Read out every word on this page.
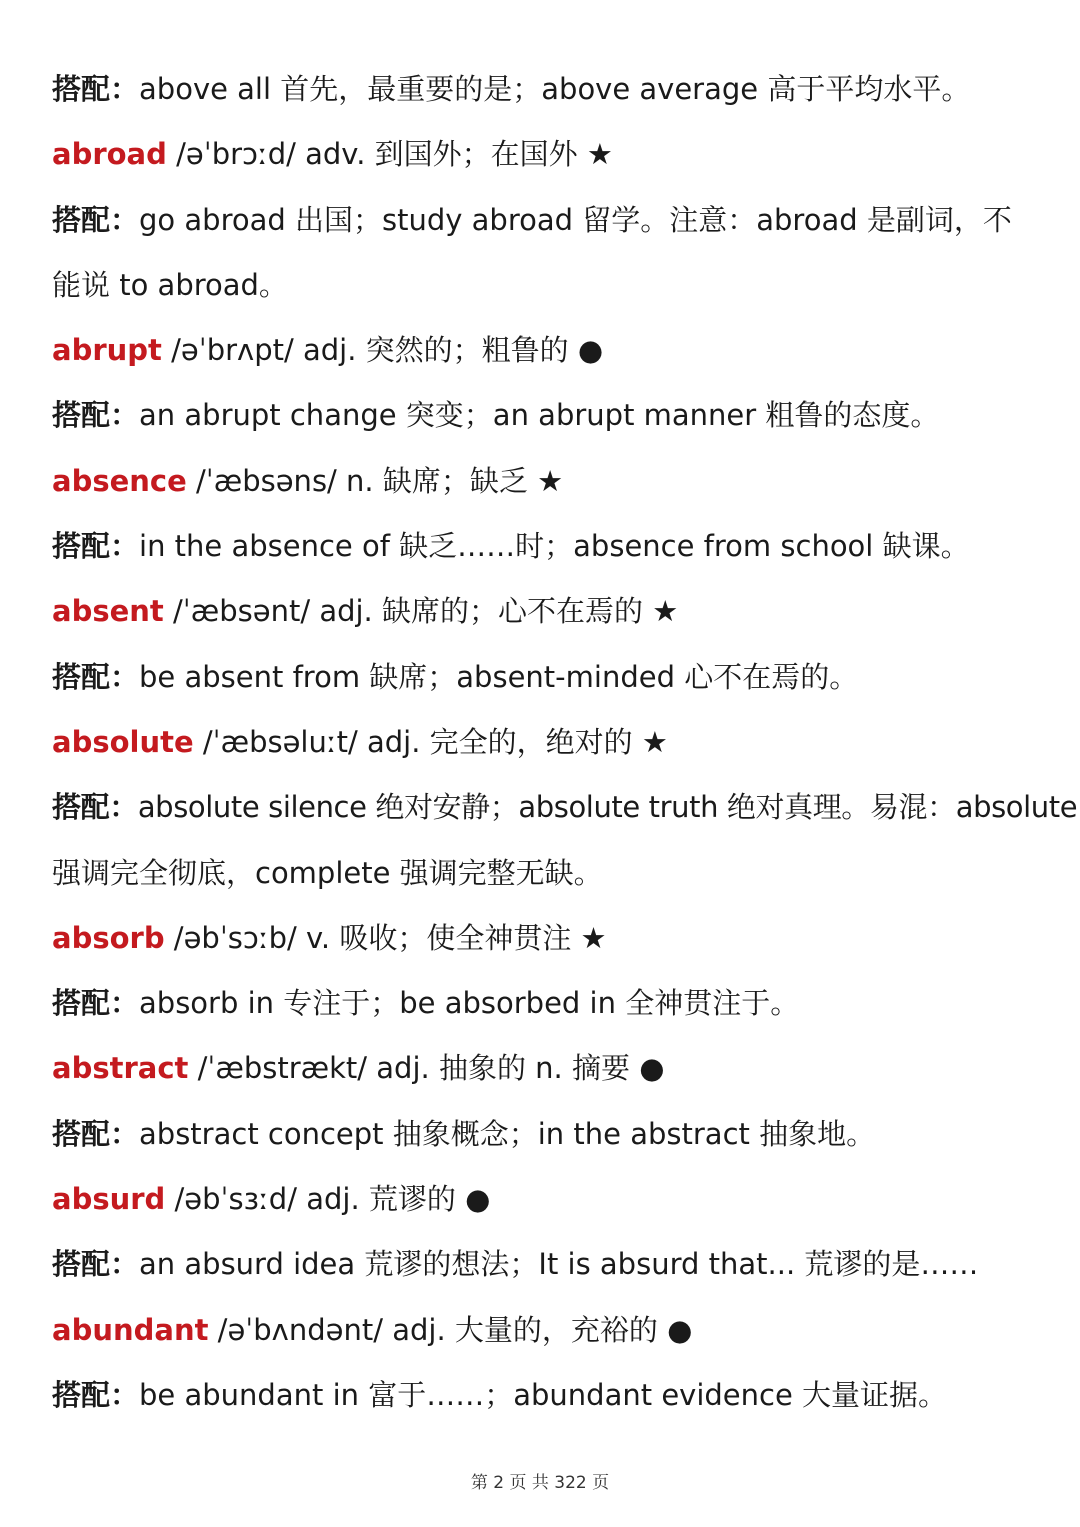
搭配：above all 首先，最重要的是；above average 高于平均水平。
abroad /əˈbrɔːd/ adv. 到国外；在国外 ★
搭配：go abroad 出国；study abroad 留学。注意：abroad 是副词，不
能说 to abroad。
abrupt /əˈbrʌpt/ adj. 突然的；粗鲁的 ●
搭配：an abrupt change 突变；an abrupt manner 粗鲁的态度。
absence /ˈæbsəns/ n. 缺席；缺乏 ★
搭配：in the absence of 缺乏……时；absence from school 缺课。
absent /ˈæbsənt/ adj. 缺席的；心不在焉的 ★
搭配：be absent from 缺席；absent-minded 心不在焉的。
absolute /ˈæbsəluːt/ adj. 完全的，绝对的 ★
搭配：absolute silence 绝对安静；absolute truth 绝对真理。易混：absolute
强调完全彻底，complete 强调完整无缺。
absorb /əbˈsɔːb/ v. 吸收；使全神贯注 ★
搭配：absorb in 专注于；be absorbed in 全神贯注于。
abstract /ˈæbstrækt/ adj. 抽象的 n. 摘要 ●
搭配：abstract concept 抽象概念；in the abstract 抽象地。
absurd /əbˈsɜːd/ adj. 荒谬的 ●
搭配：an absurd idea 荒谬的想法；It is absurd that... 荒谬的是……
abundant /əˈbʌndənt/ adj. 大量的，充裕的 ●
搭配：be abundant in 富于……；abundant evidence 大量证据。
第 2 页 共 322 页
